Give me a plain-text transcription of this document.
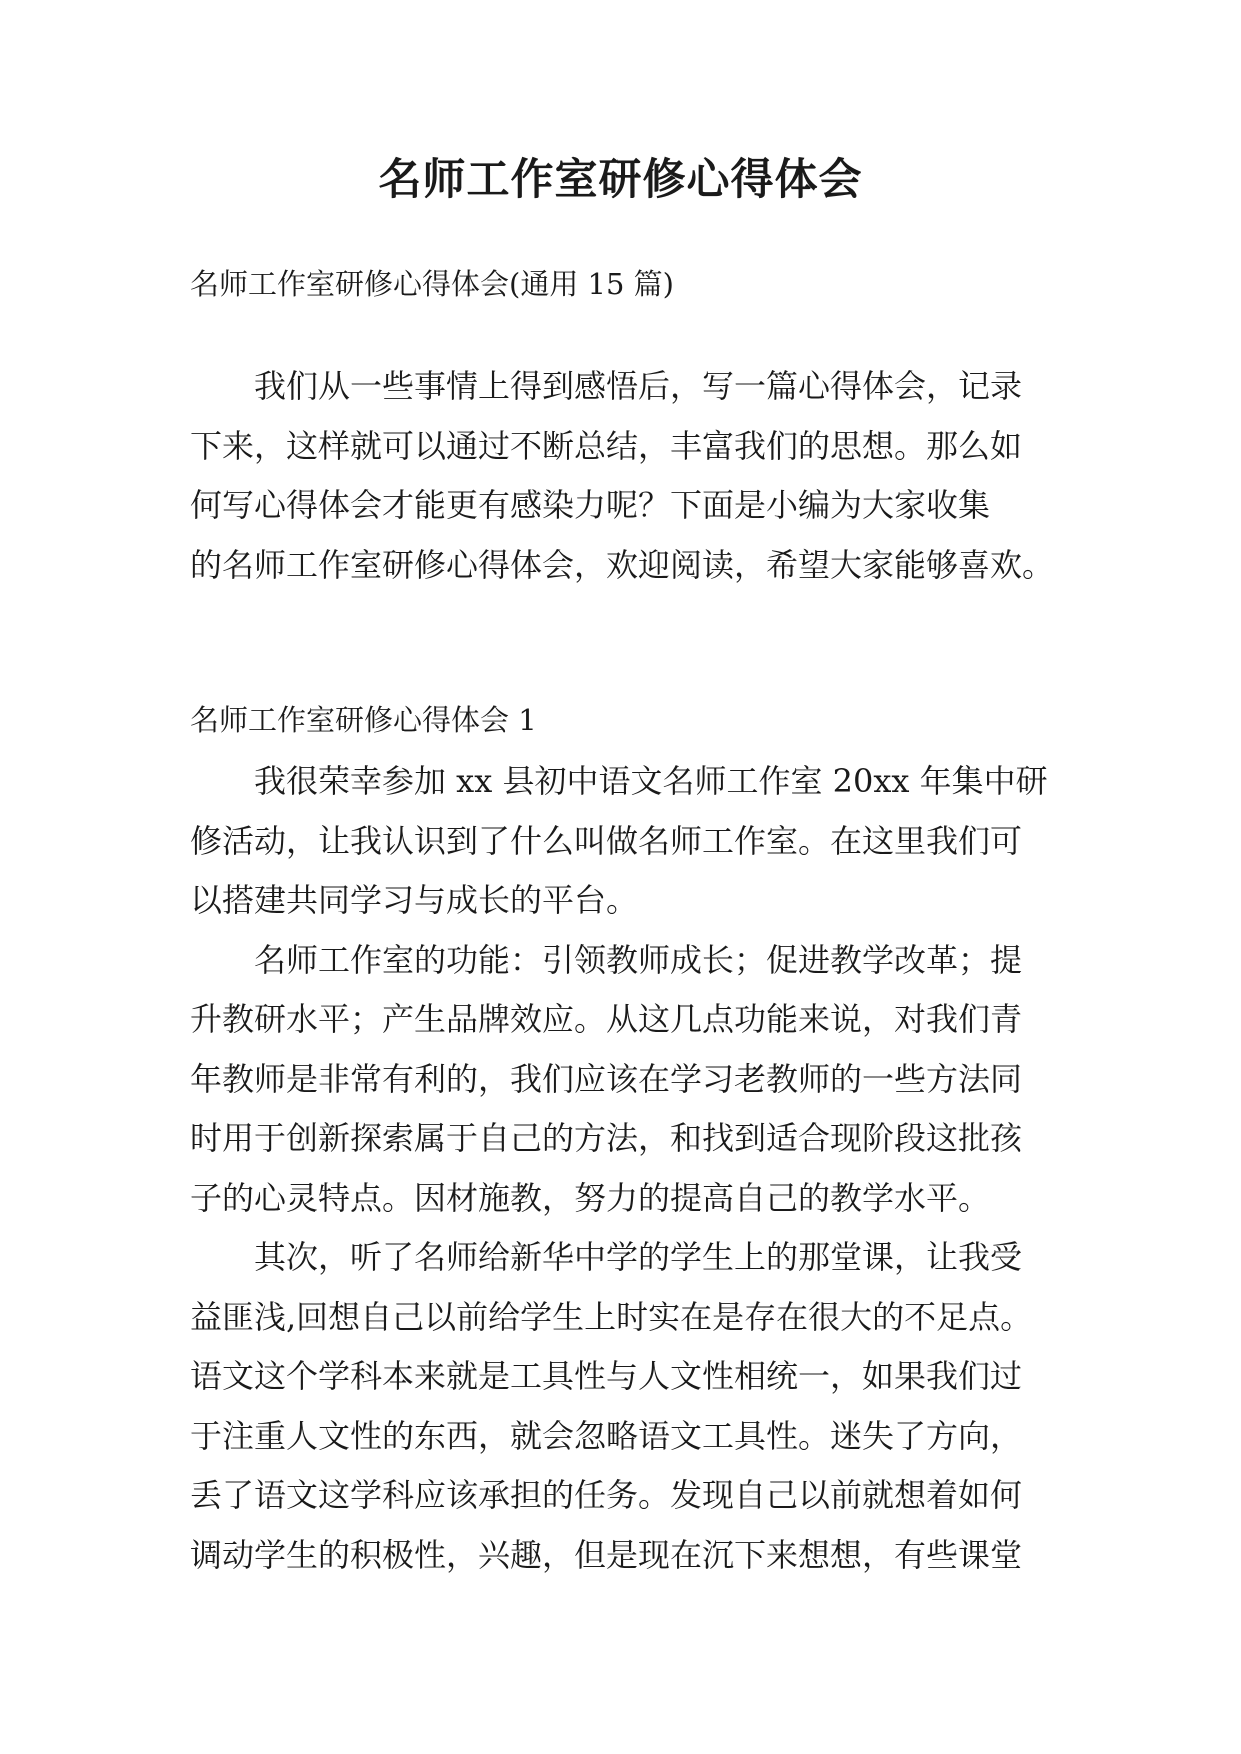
名师工作室研修心得体会

名师工作室研修心得体会(通用 15 篇)

我们从一些事情上得到感悟后，写一篇心得体会，记录
下来，这样就可以通过不断总结，丰富我们的思想。那么如
何写心得体会才能更有感染力呢？下面是小编为大家收集
的名师工作室研修心得体会，欢迎阅读，希望大家能够喜欢。

名师工作室研修心得体会 1

我很荣幸参加 xx 县初中语文名师工作室 20xx 年集中研
修活动，让我认识到了什么叫做名师工作室。在这里我们可
以搭建共同学习与成长的平台。
名师工作室的功能：引领教师成长；促进教学改革；提
升教研水平；产生品牌效应。从这几点功能来说，对我们青
年教师是非常有利的，我们应该在学习老教师的一些方法同
时用于创新探索属于自己的方法，和找到适合现阶段这批孩
子的心灵特点。因材施教，努力的提高自己的教学水平。
其次，听了名师给新华中学的学生上的那堂课，让我受
益匪浅,回想自己以前给学生上时实在是存在很大的不足点。
语文这个学科本来就是工具性与人文性相统一，如果我们过
于注重人文性的东西，就会忽略语文工具性。迷失了方向，
丢了语文这学科应该承担的任务。发现自己以前就想着如何
调动学生的积极性，兴趣，但是现在沉下来想想，有些课堂
